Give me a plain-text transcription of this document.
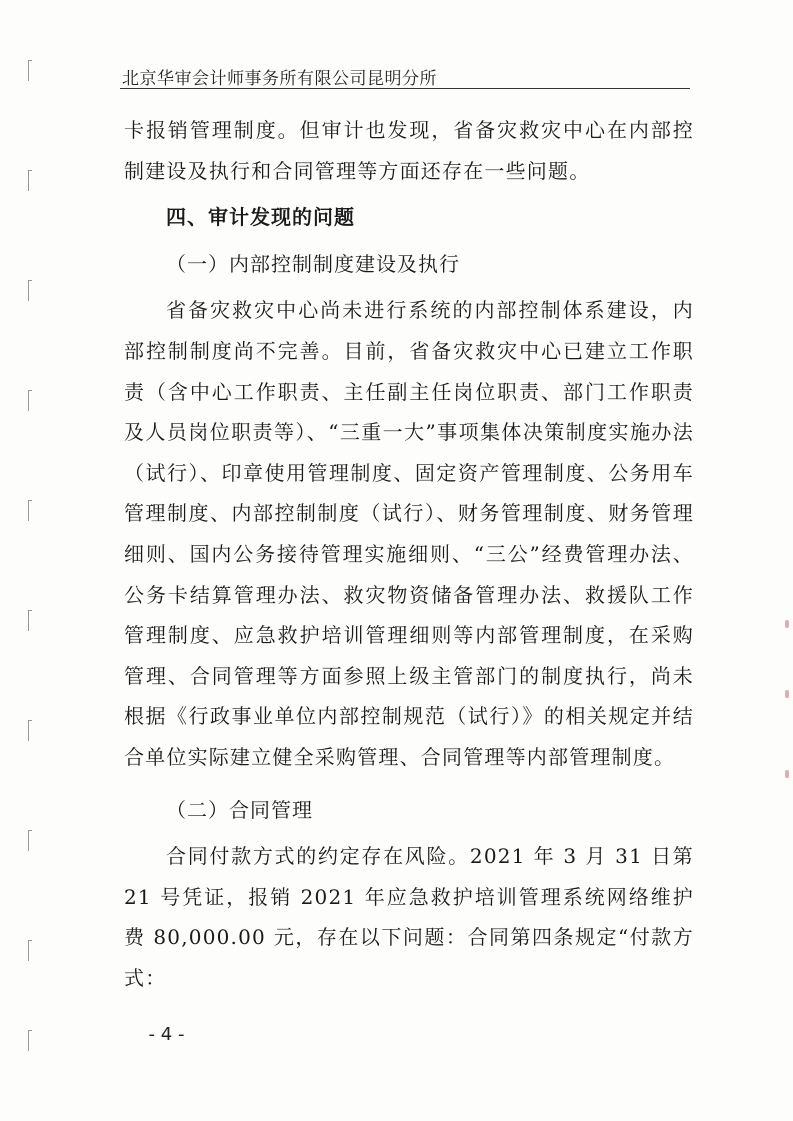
北京华审会计师事务所有限公司昆明分所

卡报销管理制度。但审计也发现，省备灾救灾中心在内部控制建设及执行和合同管理等方面还存在一些问题。

四、审计发现的问题

（一）内部控制制度建设及执行

省备灾救灾中心尚未进行系统的内部控制体系建设，内部控制制度尚不完善。目前，省备灾救灾中心已建立工作职责（含中心工作职责、主任副主任岗位职责、部门工作职责及人员岗位职责等）、“三重一大”事项集体决策制度实施办法（试行）、印章使用管理制度、固定资产管理制度、公务用车管理制度、内部控制制度（试行）、财务管理制度、财务管理细则、国内公务接待管理实施细则、“三公”经费管理办法、公务卡结算管理办法、救灾物资储备管理办法、救援队工作管理制度、应急救护培训管理细则等内部管理制度，在采购管理、合同管理等方面参照上级主管部门的制度执行，尚未根据《行政事业单位内部控制规范（试行）》的相关规定并结合单位实际建立健全采购管理、合同管理等内部管理制度。

（二）合同管理

合同付款方式的约定存在风险。2021 年 3 月 31 日第 21 号凭证，报销 2021 年应急救护培训管理系统网络维护费 80,000.00 元，存在以下问题：合同第四条规定“付款方式：

- 4 -
